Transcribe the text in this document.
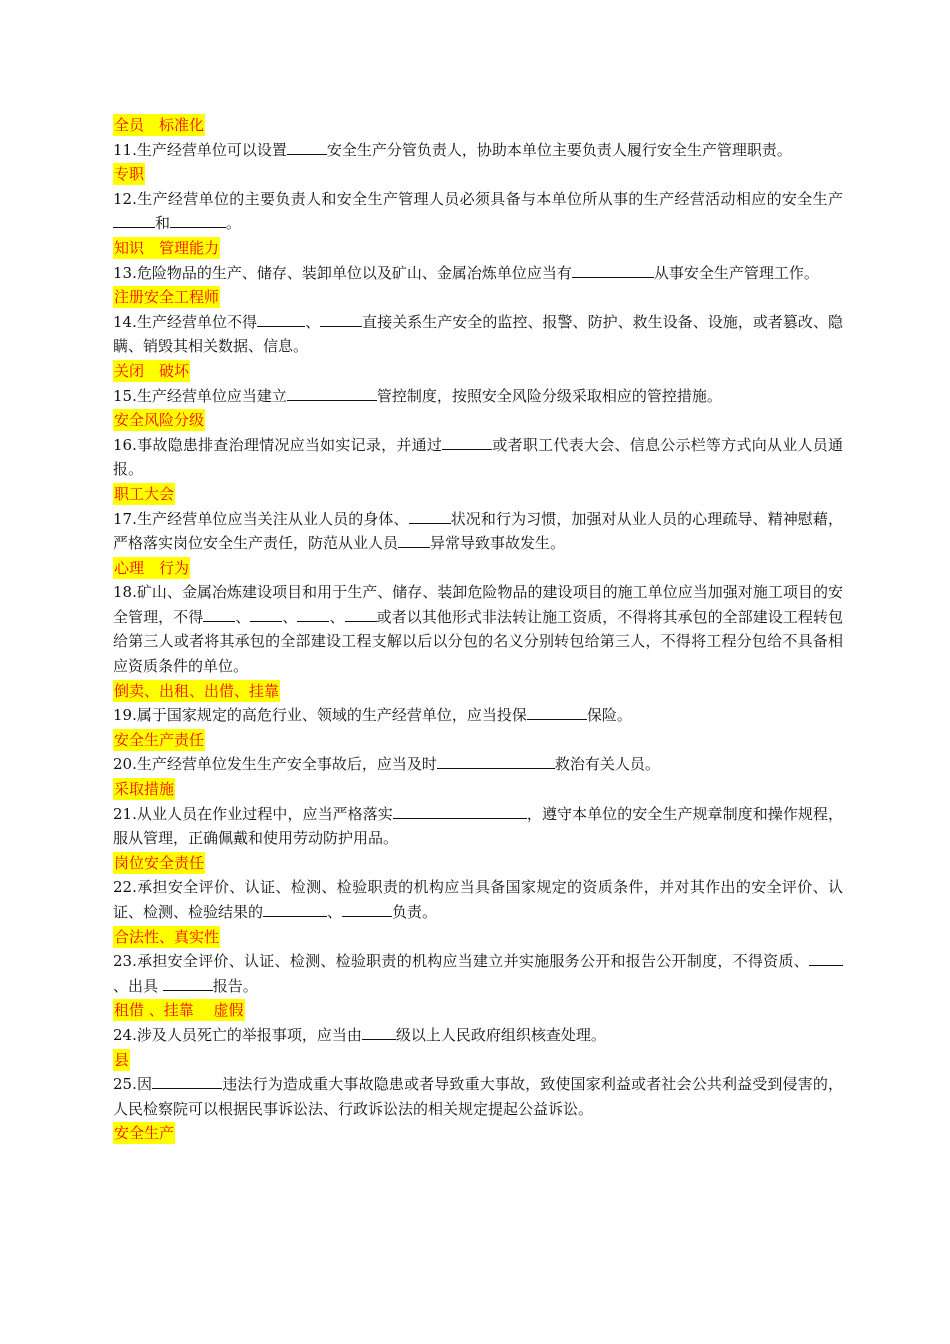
全员　标准化
11.生产经营单位可以设置	安全生产分管负责人，协助本单位主要负责人履行安全生产管理职责。
专职
12.生产经营单位的主要负责人和安全生产管理人员必须具备与本单位所从事的生产经营活动相应的安全生产和	。
知识　管理能力
13.危险物品的生产、储存、装卸单位以及矿山、金属冶炼单位应当有	从事安全生产管理工作。
注册安全工程师
14.生产经营单位不得	、	直接关系生产安全的监控、报警、防护、救生设备、设施，或者篡改、隐瞒、销毁其相关数据、信息。
关闭　破坏
15.生产经营单位应当建立	管控制度，按照安全风险分级采取相应的管控措施。
安全风险分级
16.事故隐患排查治理情况应当如实记录，并通过	或者职工代表大会、信息公示栏等方式向从业人员通报。
职工大会
17.生产经营单位应当关注从业人员的身体、	状况和行为习惯，加强对从业人员的心理疏导、精神慰藉，严格落实岗位安全生产责任，防范从业人员 异常导致事故发生。
心理　行为
18.矿山、金属冶炼建设项目和用于生产、储存、装卸危险物品的建设项目的施工单位应当加强对施工项目的安全管理，不得 、 、 、 或者以其他形式非法转让施工资质，不得将其承包的全部建设工程转包给第三人或者将其承包的全部建设工程支解以后以分包的名义分别转包给第三人，不得将工程分包给不具备相应资质条件的单位。
倒卖、出租、出借、挂靠
19.属于国家规定的高危行业、领域的生产经营单位，应当投保	保险。
安全生产责任
20.生产经营单位发生生产安全事故后，应当及时	救治有关人员。
采取措施
21.从业人员在作业过程中，应当严格落实	，遵守本单位的安全生产规章制度和操作规程，服从管理，正确佩戴和使用劳动防护用品。
岗位安全责任
22.承担安全评价、认证、检测、检验职责的机构应当具备国家规定的资质条件，并对其作出的安全评价、认证、检测、检验结果的	、	负责。
合法性、真实性
23.承担安全评价、认证、检测、检验职责的机构应当建立并实施服务公开和报告公开制度，不得资质、、出具	报告。
租借 、挂靠　 虚假
24.涉及人员死亡的举报事项，应当由 级以上人民政府组织核查处理。
县
25.因	违法行为造成重大事故隐患或者导致重大事故，致使国家利益或者社会公共利益受到侵害的，人民检察院可以根据民事诉讼法、行政诉讼法的相关规定提起公益诉讼。
安全生产
